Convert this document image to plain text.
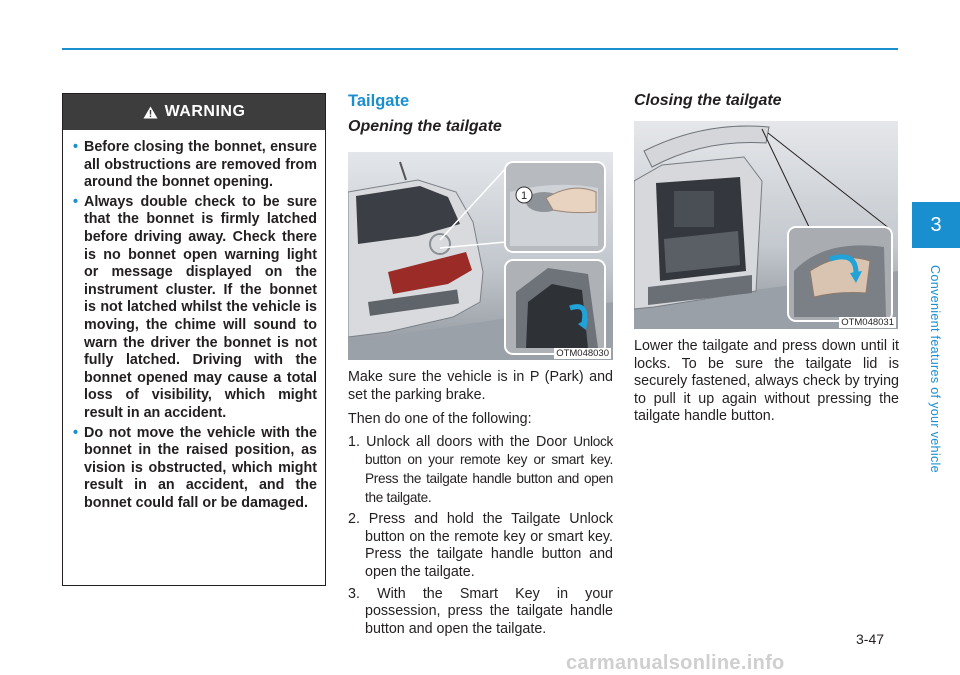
WARNING
• Before closing the bonnet, ensure all obstructions are removed from around the bonnet opening.
• Always double check to be sure that the bonnet is firmly latched before driving away. Check there is no bonnet open warning light or message displayed on the instrument cluster. If the bonnet is not latched whilst the vehicle is moving, the chime will sound to warn the driver the bonnet is not fully latched. Driving with the bonnet opened may cause a total loss of visibility, which might result in an accident.
• Do not move the vehicle with the bonnet in the raised position, as vision is obstructed, which might result in an accident, and the bonnet could fall or be damaged.
Tailgate
Opening the tailgate
1
OTM048030

Make sure the vehicle is in P (Park) and set the parking brake.

Then do one of the following:

1. Unlock all doors with the Door Unlock button on your remote key or smart key. Press the tailgate handle button and open the tailgate.
2. Press and hold the Tailgate Unlock button on the remote key or smart key. Press the tailgate handle button and open the tailgate.
3. With the Smart Key in your possession, press the tailgate handle button and open the tailgate.
Closing the tailgate
OTM048031

Lower the tailgate and press down until it locks. To be sure the tailgate lid is securely fastened, always check by trying to pull it up again without pressing the tailgate handle button.

3
Convenient features of your vehicle
3-47
carmanualsonline.info
